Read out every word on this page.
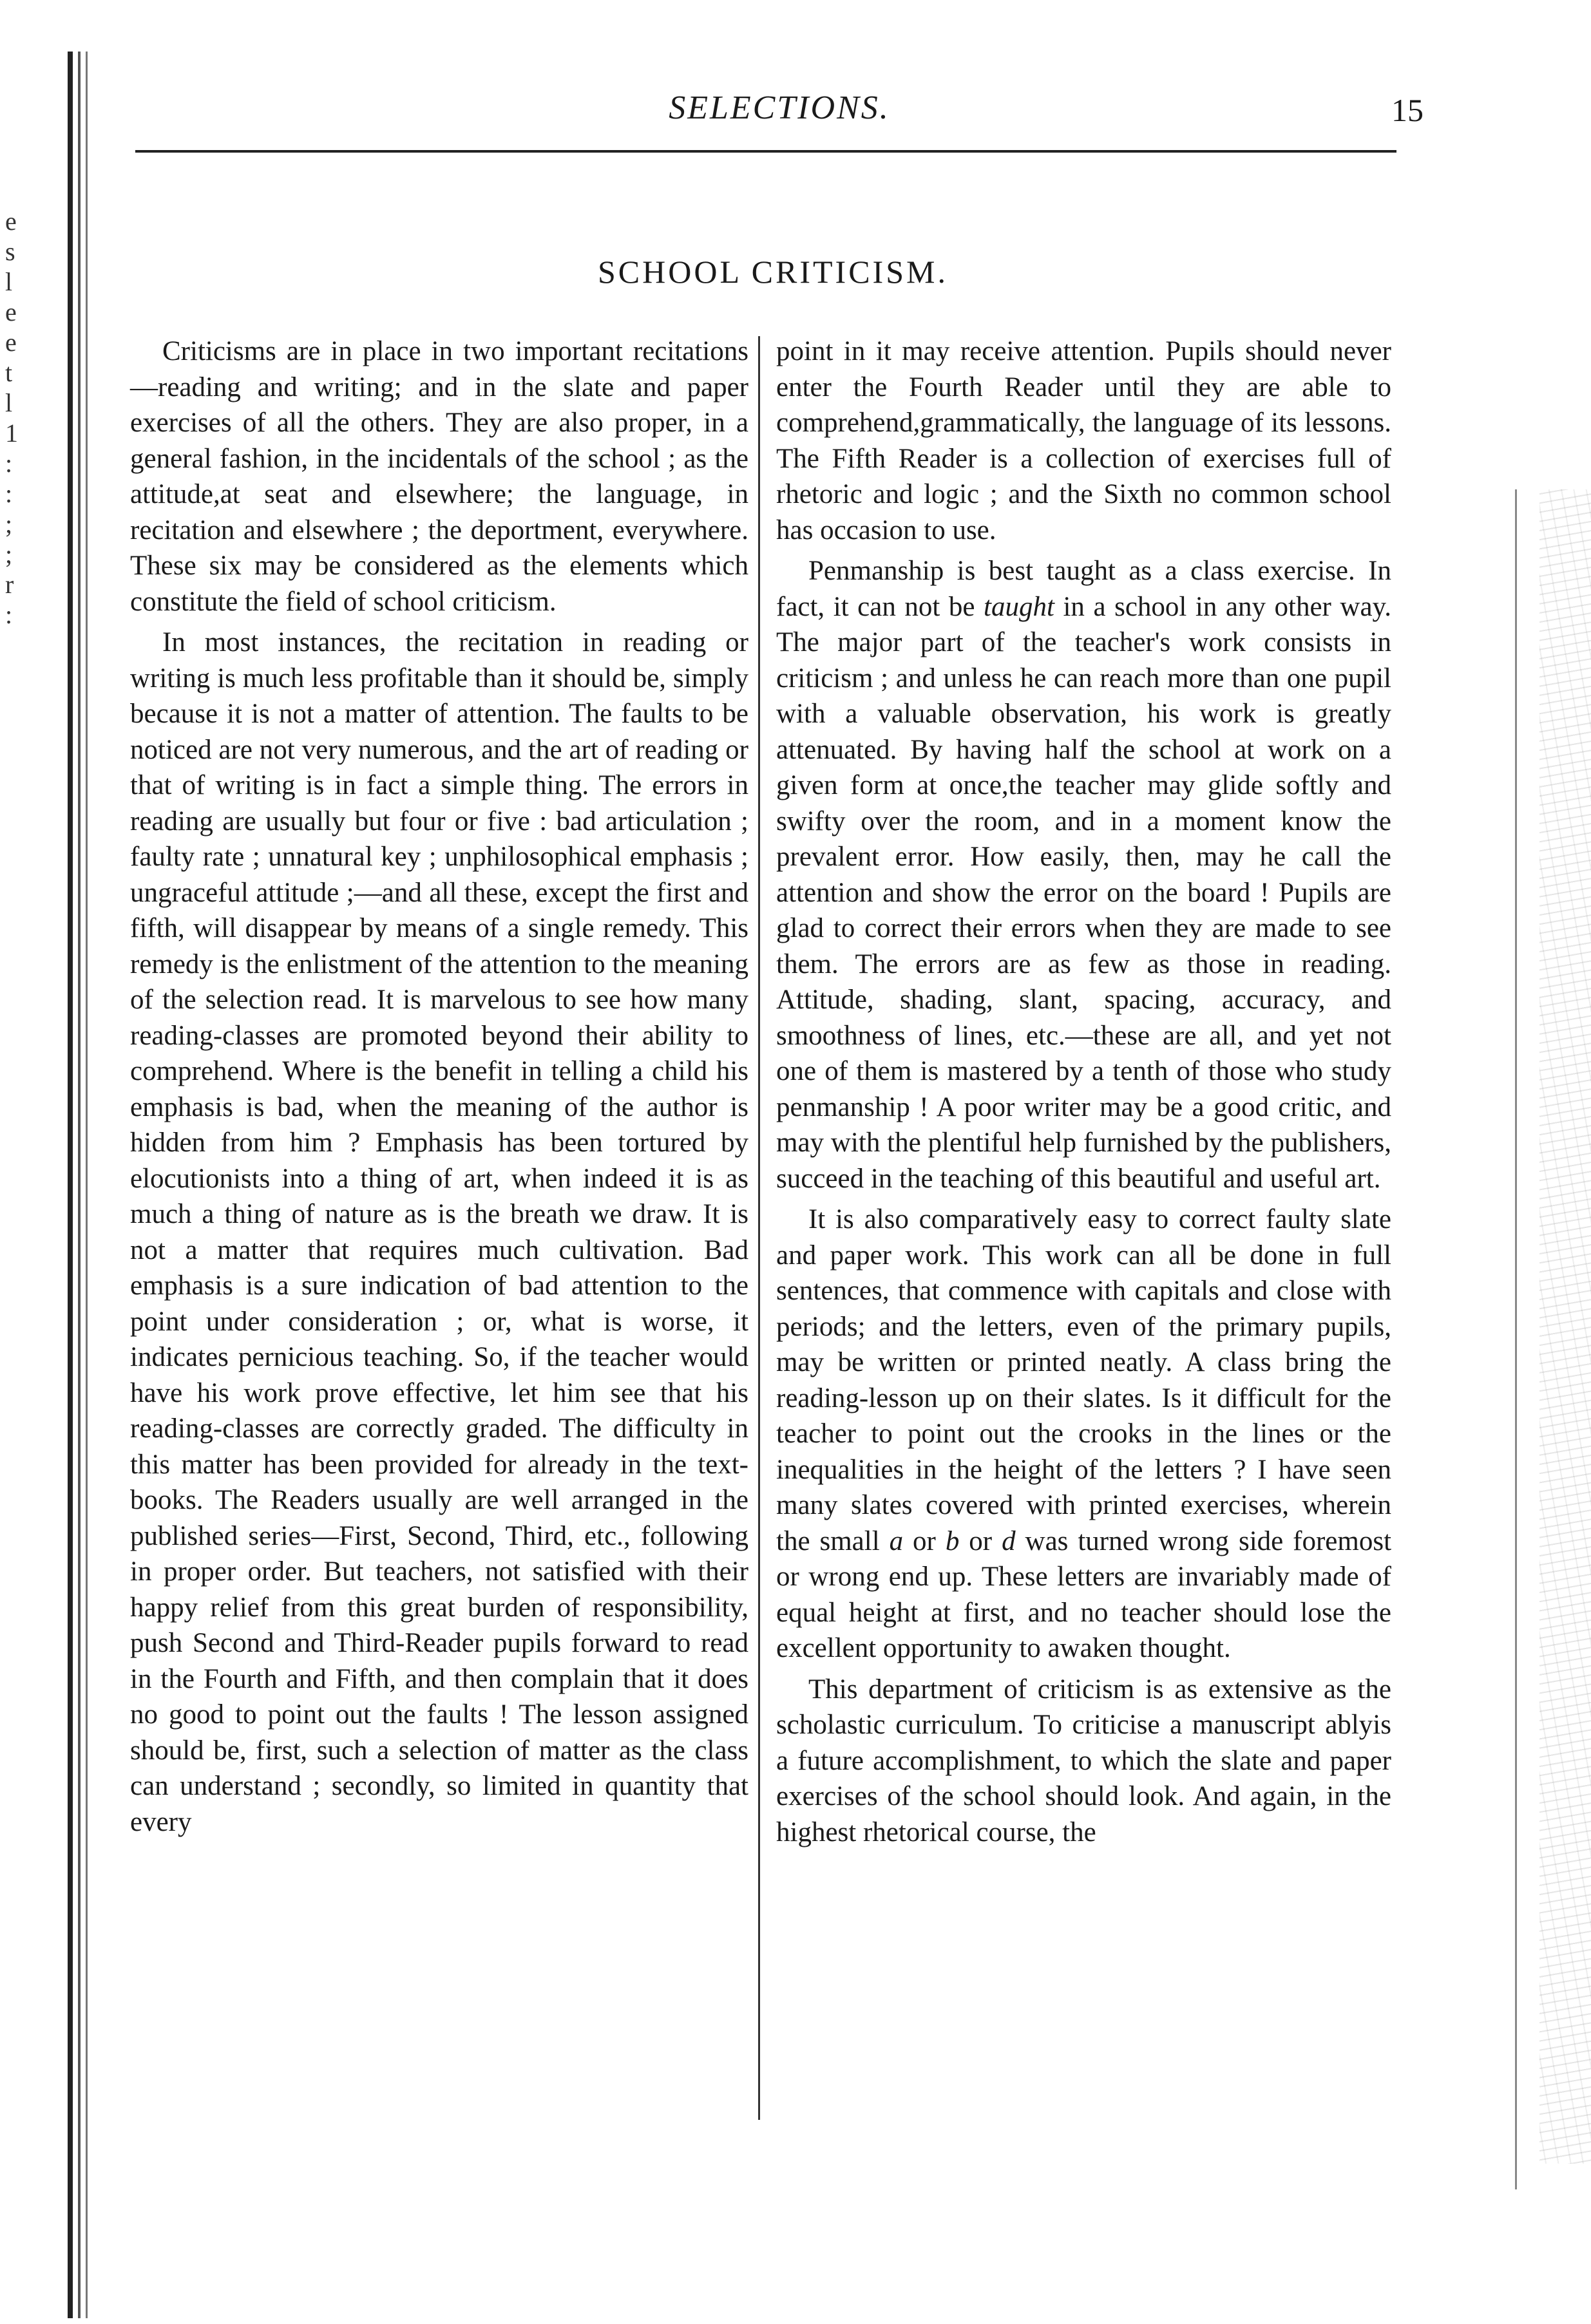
e
s
l
e
e
t
l
1
:
:
;
;
r
:
SELECTIONS.	15
SCHOOL CRITICISM.

Criticisms are in place in two important recitations—reading and writing; and in the slate and paper exercises of all the others. They are also proper, in a general fashion, in the incidentals of the school ; as the attitude,at seat and elsewhere; the language, in recitation and elsewhere ; the deportment, everywhere. These six may be considered as the elements which constitute the field of school criticism.

In most instances, the recitation in reading or writing is much less profitable than it should be, simply because it is not a matter of attention. The faults to be noticed are not very numerous, and the art of reading or that of writing is in fact a simple thing. The errors in reading are usually but four or five : bad articulation ; faulty rate ; unnatural key ; unphilosophical emphasis ; ungraceful attitude ;—and all these, except the first and fifth, will disappear by means of a single remedy. This remedy is the enlistment of the attention to the meaning of the selection read. It is marvelous to see how many reading-classes are promoted beyond their ability to comprehend. Where is the benefit in telling a child his emphasis is bad, when the meaning of the author is hidden from him ? Emphasis has been tortured by elocutionists into a thing of art, when indeed it is as much a thing of nature as is the breath we draw. It is not a matter that requires much cultivation. Bad emphasis is a sure indication of bad attention to the point under consideration ; or, what is worse, it indicates pernicious teaching. So, if the teacher would have his work prove effective, let him see that his reading-classes are correctly graded. The difficulty in this matter has been provided for already in the text-books. The Readers usually are well arranged in the published series—First, Second, Third, etc., following in proper order. But teachers, not satisfied with their happy relief from this great burden of responsibility, push Second and Third-Reader pupils forward to read in the Fourth and Fifth, and then complain that it does no good to point out the faults ! The lesson assigned should be, first, such a selection of matter as the class can understand ; secondly, so limited in quantity that every

point in it may receive attention. Pupils should never enter the Fourth Reader until they are able to comprehend,grammatically, the language of its lessons. The Fifth Reader is a collection of exercises full of rhetoric and logic ; and the Sixth no common school has occasion to use.

Penmanship is best taught as a class exercise. In fact, it can not be taught in a school in any other way. The major part of the teacher's work consists in criticism ; and unless he can reach more than one pupil with a valuable observation, his work is greatly attenuated. By having half the school at work on a given form at once,the teacher may glide softly and swifty over the room, and in a moment know the prevalent error. How easily, then, may he call the attention and show the error on the board ! Pupils are glad to correct their errors when they are made to see them. The errors are as few as those in reading. Attitude, shading, slant, spacing, accuracy, and smoothness of lines, etc.—these are all, and yet not one of them is mastered by a tenth of those who study penmanship ! A poor writer may be a good critic, and may with the plentiful help furnished by the publishers, succeed in the teaching of this beautiful and useful art.

It is also comparatively easy to correct faulty slate and paper work. This work can all be done in full sentences, that commence with capitals and close with periods; and the letters, even of the primary pupils, may be written or printed neatly. A class bring the reading-lesson up on their slates. Is it difficult for the teacher to point out the crooks in the lines or the inequalities in the height of the letters ? I have seen many slates covered with printed exercises, wherein the small a or b or d was turned wrong side foremost or wrong end up. These letters are invariably made of equal height at first, and no teacher should lose the excellent opportunity to awaken thought.

This department of criticism is as extensive as the scholastic curriculum. To criticise a manuscript ablyis a future accomplishment, to which the slate and paper exercises of the school should look. And again, in the highest rhetorical course, the
